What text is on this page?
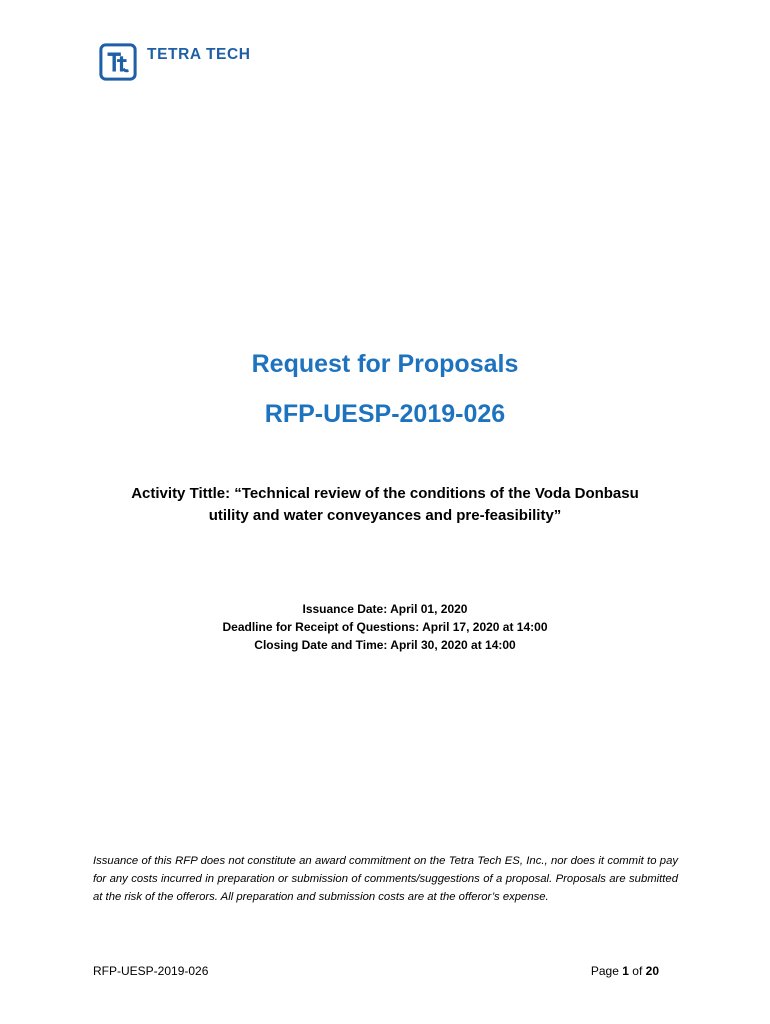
TETRA TECH
Request for Proposals
RFP-UESP-2019-026
Activity Tittle: “Technical review of the conditions of the Voda Donbasu
utility and water conveyances and pre-feasibility”
Issuance Date: April 01, 2020
Deadline for Receipt of Questions: April 17, 2020 at 14:00
Closing Date and Time: April 30, 2020 at 14:00
Issuance of this RFP does not constitute an award commitment on the Tetra Tech ES, Inc., nor does it commit to pay for any costs incurred in preparation or submission of comments/suggestions of a proposal. Proposals are submitted at the risk of the offerors. All preparation and submission costs are at the offeror’s expense.
RFP-UESP-2019-026	Page 1 of 20
